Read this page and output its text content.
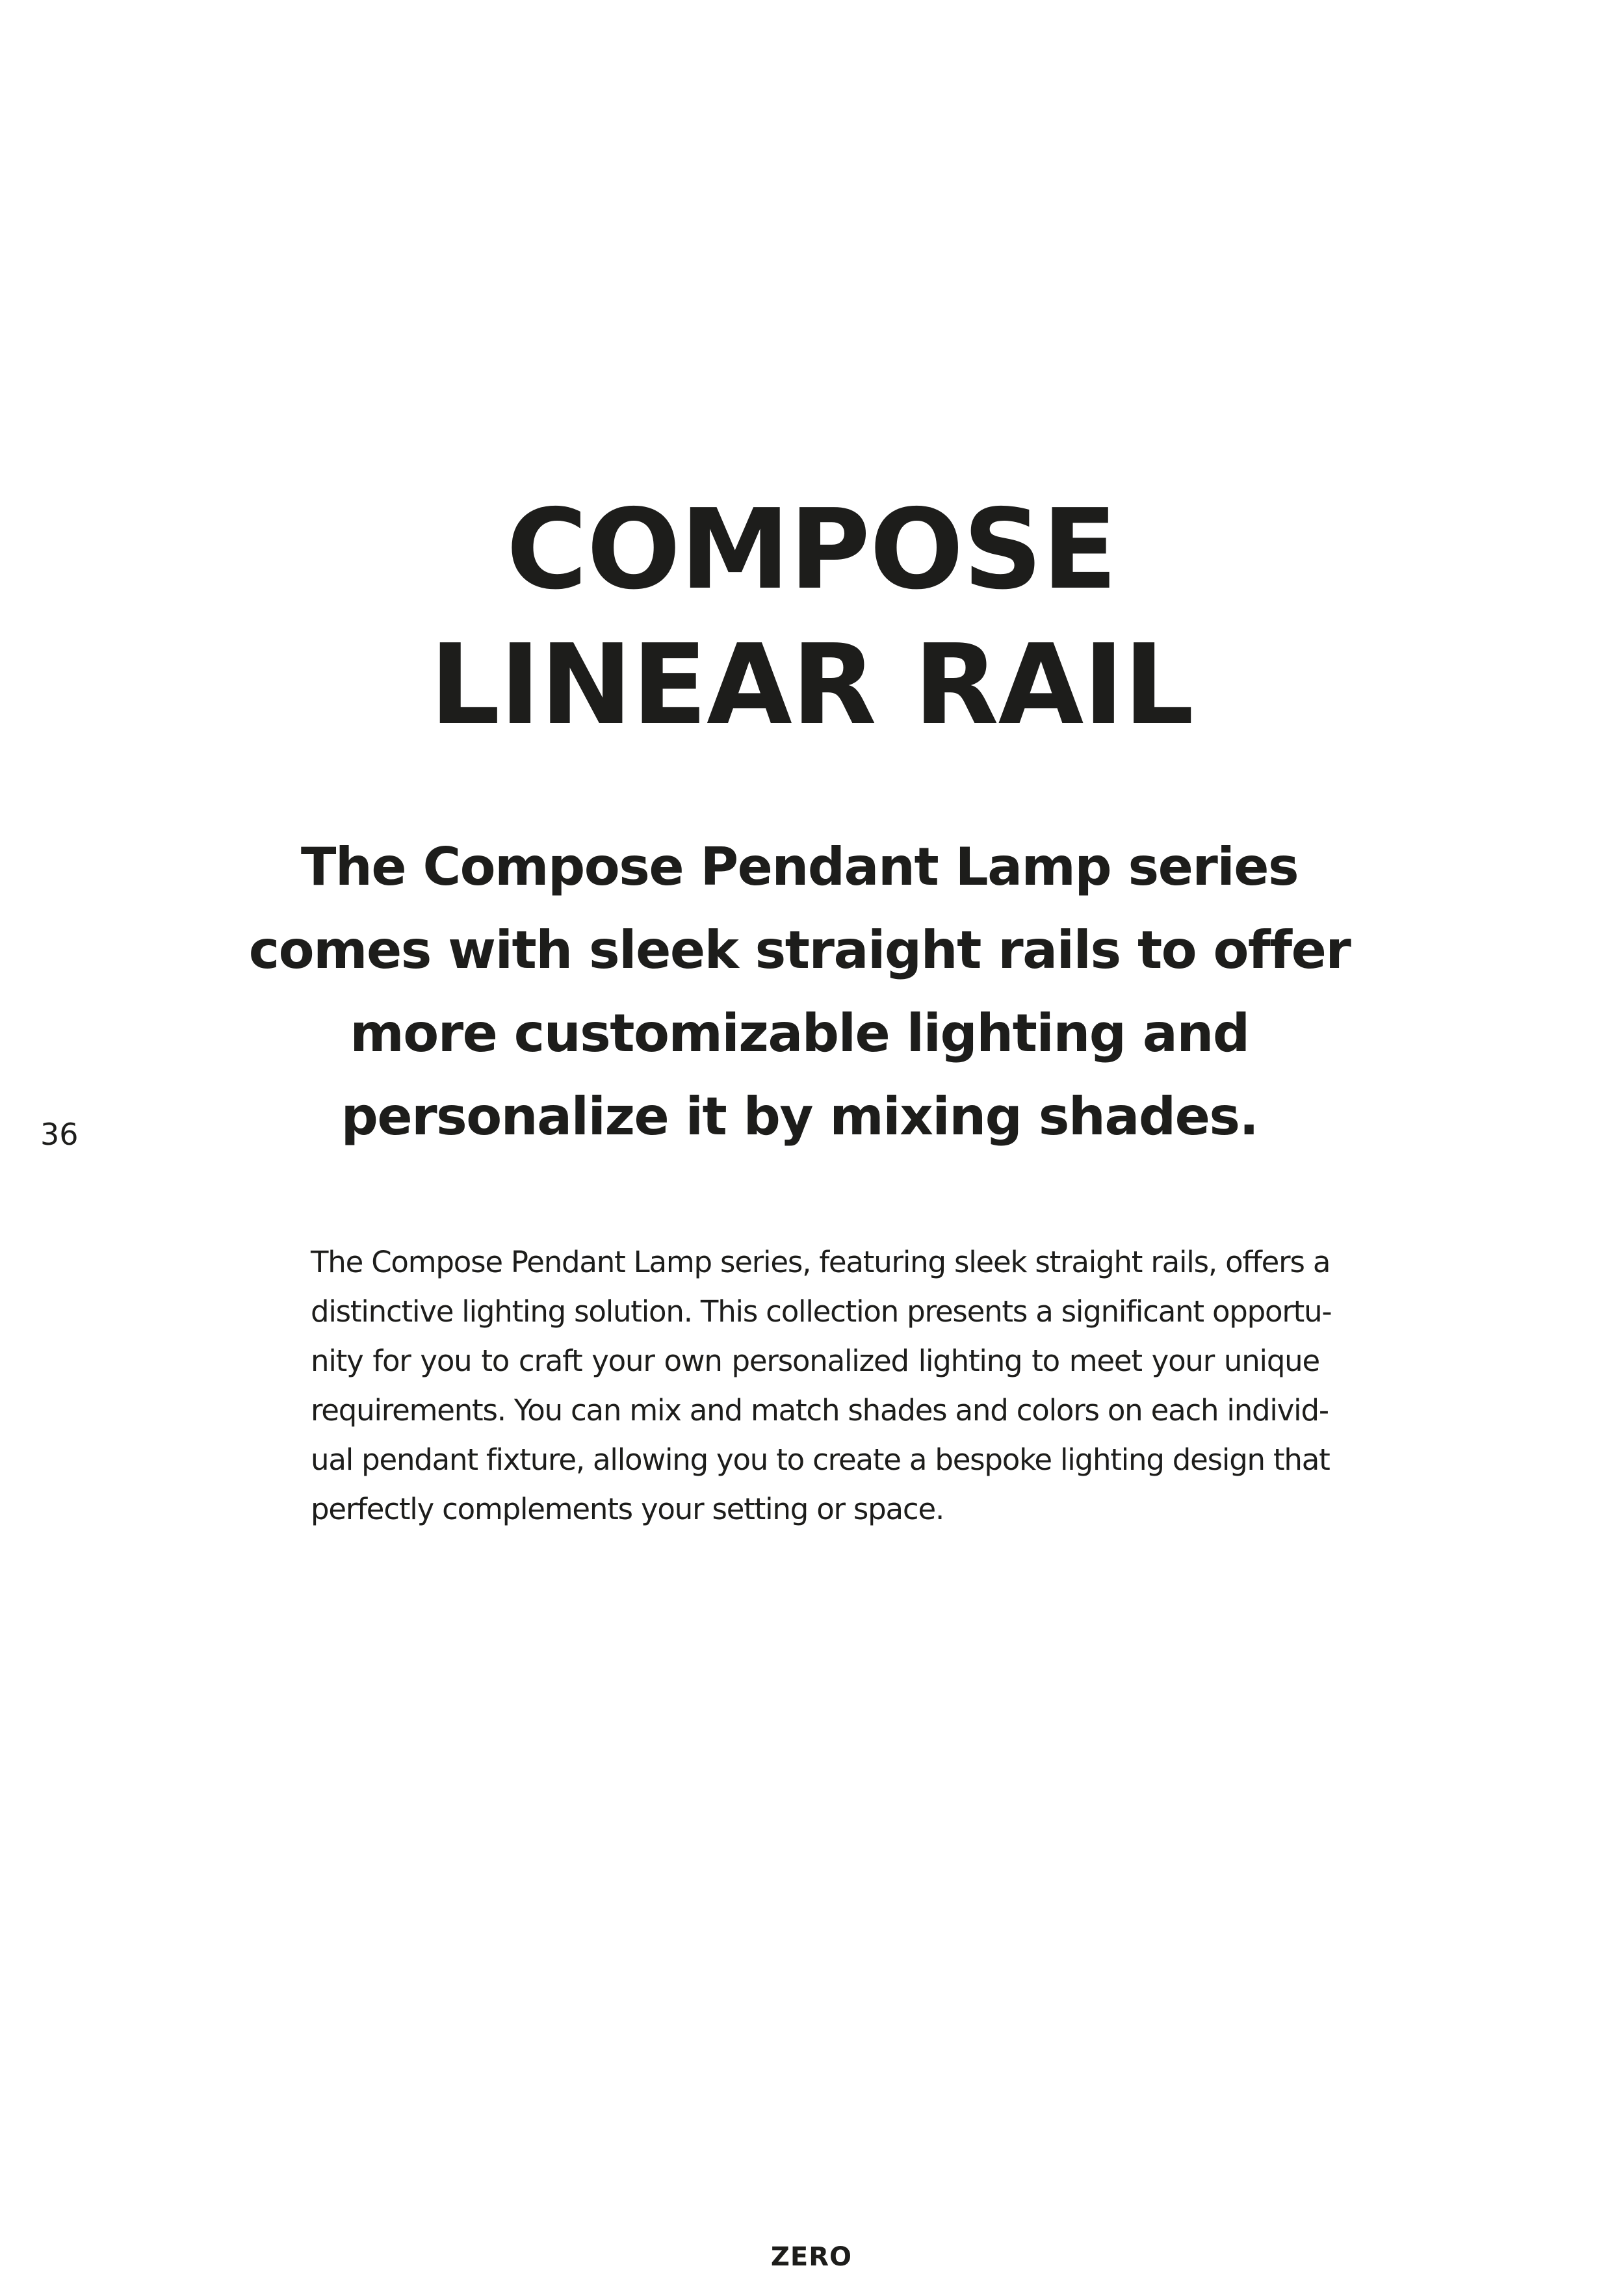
36
COMPOSE
LINEAR RAIL

The Compose Pendant Lamp series comes with sleek straight rails to offer more customizable lighting and personalize it by mixing shades.

The Compose Pendant Lamp series, featuring sleek straight rails, offers a
distinctive lighting solution. This collection presents a significant opportu-
nity for you to craft your own personalized lighting to meet your unique
requirements. You can mix and match shades and colors on each individ-
ual pendant fixture, allowing you to create a bespoke lighting design that
perfectly complements your setting or space.
ZERO
